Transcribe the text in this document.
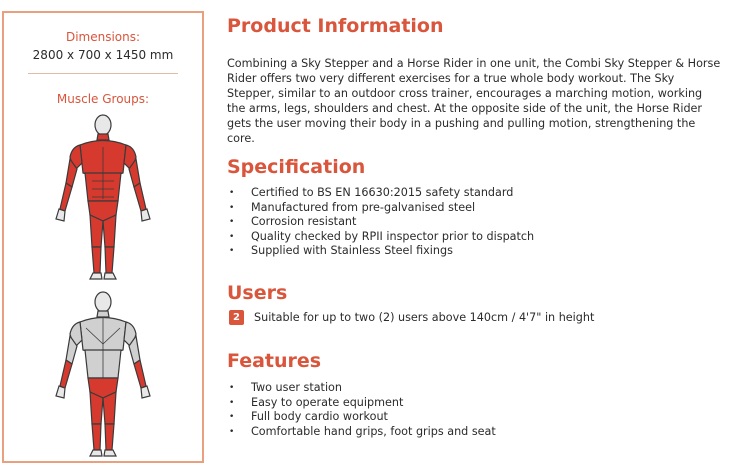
Dimensions:
2800 x 700 x 1450 mm
Muscle Groups:
Product Information

Combining a Sky Stepper and a Horse Rider in one unit, the Combi Sky Stepper & Horse Rider offers two very different exercises for a true whole body workout. The Sky Stepper, similar to an outdoor cross trainer, encourages a marching motion, working the arms, legs, shoulders and chest. At the opposite side of the unit, the Horse Rider gets the user moving their body in a pushing and pulling motion, strengthening the core.

Specification
• Certified to BS EN 16630:2015 safety standard
• Manufactured from pre-galvanised steel
• Corrosion resistant
• Quality checked by RPII inspector prior to dispatch
• Supplied with Stainless Steel fixings
Users
2	Suitable for up to two (2) users above 140cm / 4'7" in height
Features
• Two user station
• Easy to operate equipment
• Full body cardio workout
• Comfortable hand grips, foot grips and seat
